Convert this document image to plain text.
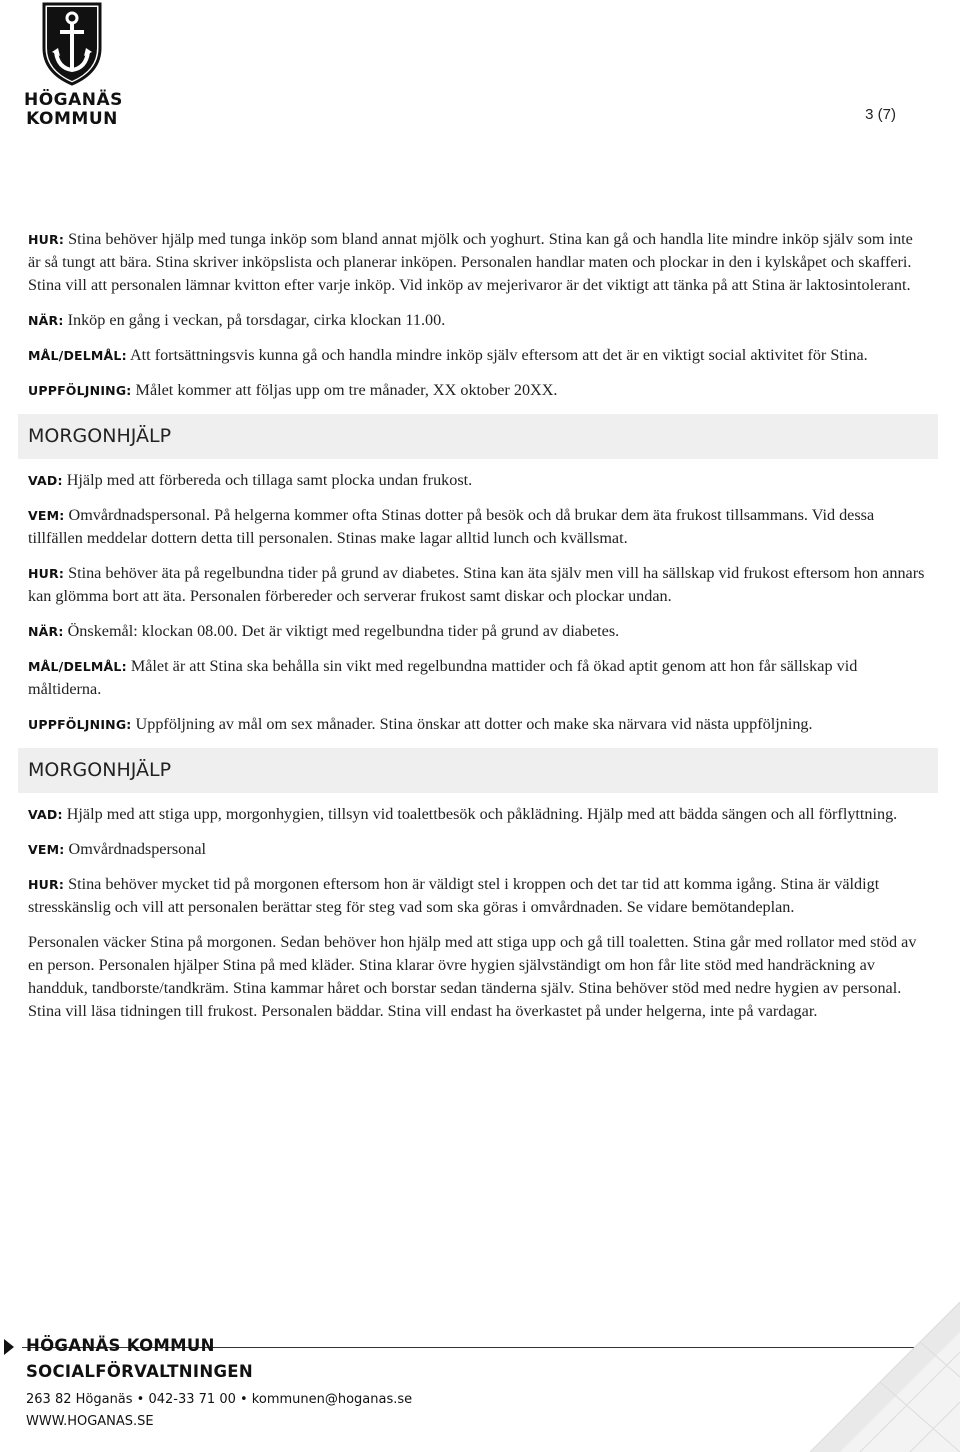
HÖGANÄS
KOMMUN	3 (7)

HUR: Stina behöver hjälp med tunga inköp som bland annat mjölk och yoghurt. Stina kan gå och handla lite mindre inköp själv som inte är så tungt att bära. Stina skriver inköpslista och planerar inköpen. Personalen handlar maten och plockar in den i kylskåpet och skafferi. Stina vill att personalen lämnar kvitton efter varje inköp. Vid inköp av mejerivaror är det viktigt att tänka på att Stina är laktosintolerant.

NÄR: Inköp en gång i veckan, på torsdagar, cirka klockan 11.00.

MÅL/DELMÅL: Att fortsättningsvis kunna gå och handla mindre inköp själv eftersom att det är en viktigt social aktivitet för Stina.

UPPFÖLJNING: Målet kommer att följas upp om tre månader, XX oktober 20XX.

MORGONHJÄLP

VAD: Hjälp med att förbereda och tillaga samt plocka undan frukost.

VEM: Omvårdnadspersonal. På helgerna kommer ofta Stinas dotter på besök och då brukar dem äta frukost tillsammans. Vid dessa tillfällen meddelar dottern detta till personalen. Stinas make lagar alltid lunch och kvällsmat.

HUR: Stina behöver äta på regelbundna tider på grund av diabetes. Stina kan äta själv men vill ha sällskap vid frukost eftersom hon annars kan glömma bort att äta. Personalen förbereder och serverar frukost samt diskar och plockar undan.

NÄR: Önskemål: klockan 08.00. Det är viktigt med regelbundna tider på grund av diabetes.

MÅL/DELMÅL: Målet är att Stina ska behålla sin vikt med regelbundna mattider och få ökad aptit genom att hon får sällskap vid måltiderna.

UPPFÖLJNING: Uppföljning av mål om sex månader. Stina önskar att dotter och make ska närvara vid nästa uppföljning.

MORGONHJÄLP

VAD: Hjälp med att stiga upp, morgonhygien, tillsyn vid toalettbesök och påklädning. Hjälp med att bädda sängen och all förflyttning.

VEM: Omvårdnadspersonal

HUR: Stina behöver mycket tid på morgonen eftersom hon är väldigt stel i kroppen och det tar tid att komma igång. Stina är väldigt stresskänslig och vill att personalen berättar steg för steg vad som ska göras i omvårdnaden. Se vidare bemötandeplan.

Personalen väcker Stina på morgonen. Sedan behöver hon hjälp med att stiga upp och gå till toaletten. Stina går med rollator med stöd av en person. Personalen hjälper Stina på med kläder. Stina klarar övre hygien självständigt om hon får lite stöd med handräckning av handduk, tandborste/tandkräm. Stina kammar håret och borstar sedan tänderna själv. Stina behöver stöd med nedre hygien av personal. Stina vill läsa tidningen till frukost. Personalen bäddar. Stina vill endast ha överkastet på under helgerna, inte på vardagar.

HÖGANÄS KOMMUN
SOCIALFÖRVALTNINGEN
263 82 Höganäs • 042-33 71 00 • kommunen@hoganas.se
WWW.HOGANAS.SE
